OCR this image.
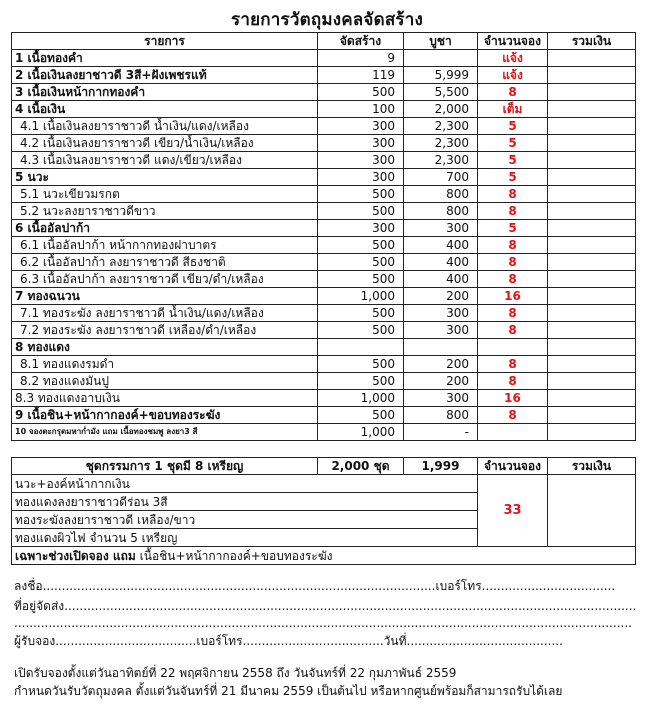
รายการวัตถุมงคลจัดสร้าง
รายการ	จัดสร้าง	บูชา	จำนวนจอง	รวมเงิน
1 เนื้อทองคำ	9		แจ้ง	
2 เนื้อเงินลงยาชาวดี 3สี+ฝังเพชรแท้	119	5,999	แจ้ง	
3 เนื้อเงินหน้ากากทองคำ	500	5,500	8	
4 เนื้อเงิน	100	2,000	เต็ม	
4.1 เนื้อเงินลงยาราชาวดี น้ำเงิน/แดง/เหลือง	300	2,300	5	
4.2 เนื้อเงินลงยาราชาวดี เขียว/น้ำเงิน/เหลือง	300	2,300	5	
4.3 เนื้อเงินลงยาราชาวดี แดง/เขียว/เหลือง	300	2,300	5	
5 นวะ	300	700	5	
5.1 นวะเขียวมรกต	500	800	8	
5.2 นวะลงยาราชาวดีขาว	500	800	8	
6 เนื้ออัลปาก้า	300	300	5	
6.1 เนื้ออัลปาก้า หน้ากากทองฝาบาตร	500	400	8	
6.2 เนื้ออัลปาก้า ลงยาราชาวดี สีธงชาติ	500	400	8	
6.3 เนื้ออัลปาก้า ลงยาราชาวดี เขียว/ดำ/เหลือง	500	400	8	
7 ทองฉนวน	1,000	200	16	
7.1 ทองระฆัง ลงยาราชาวดี น้ำเงิน/แดง/เหลือง	500	300	8	
7.2 ทองระฆัง ลงยาราชาวดี เหลือง/ดำ/เหลือง	500	300	8	
8 ทองแดง				
8.1 ทองแดงรมดำ	500	200	8	
8.2 ทองแดงมันปู	500	200	8	
8.3 ทองแดงอาบเงิน	1,000	300	16	
9 เนื้อชิน+หน้ากากองค์+ขอบทองระฆัง	500	800	8	
10 จองตะกรุดมหาก่ำมัง แถม เนื้อทองชมพู ลงยา3 สี	1,000	-		
ชุดกรรมการ 1 ชุดมี 8 เหรียญ	2,000 ชุด	1,999	จำนวนจอง	รวมเงิน
นวะ+องค์หน้ากากเงิน			33	
ทองแดงลงยาราชาวดีร่อน 3สี				
ทองระฆังลงยาราชาวดี เหลือง/ขาว				
ทองแดงผิวไฟ จำนวน 5 เหรียญ				
เฉพาะช่วงเปิดจอง แถม เนื้อชิน+หน้ากากองค์+ขอบทองระฆัง				
ลงชื่อ.......................................................................................................เบอร์โทร...................................
ที่อยู่จัดส่ง......................................................................................................................................................
..................................................................................................................................................................
ผู้รับจอง.....................................เบอร์โทร.....................................วันที่.........................................
เปิดรับจองตั้งแต่วันอาทิตย์ที่ 22 พฤศจิกายน 2558 ถึง วันจันทร์ที่ 22 กุมภาพันธ์ 2559
กำหนดวันรับวัตถุมงคล ตั้งแต่วันจันทร์ที่ 21 มีนาคม 2559 เป็นต้นไป หรือหากศูนย์พร้อมก็สามารถรับได้เลย
